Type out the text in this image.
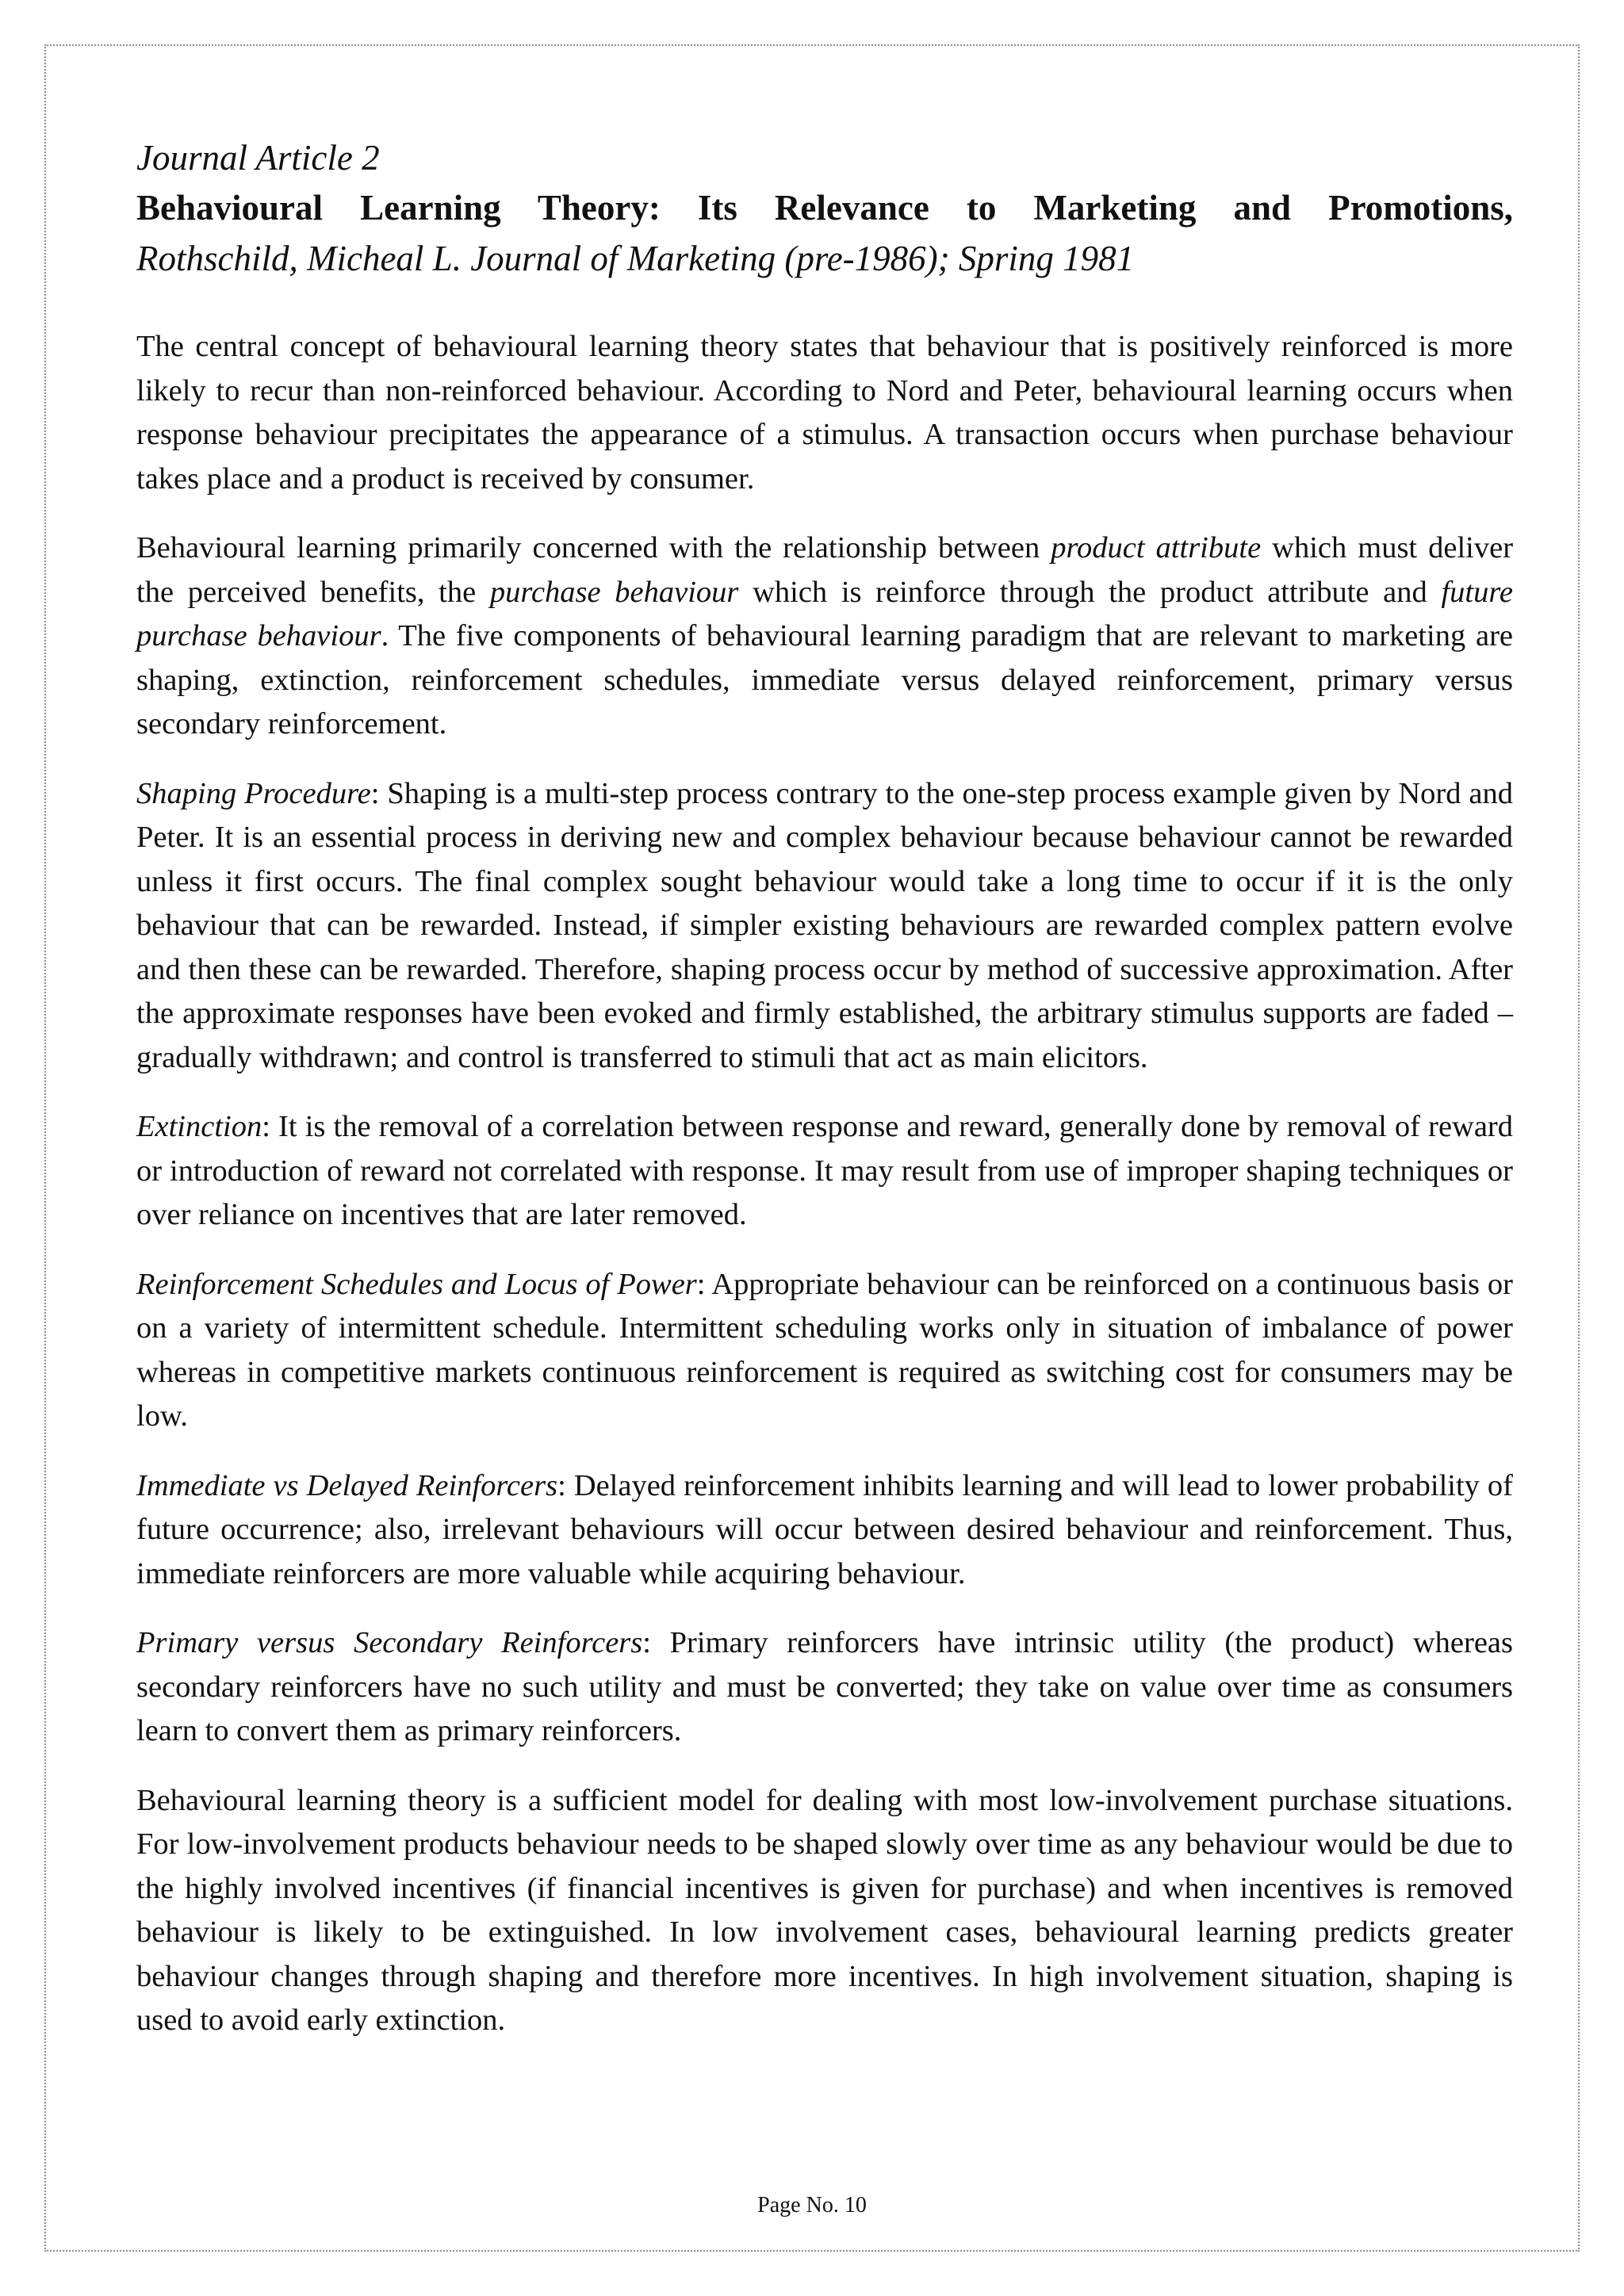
Journal Article 2

Behavioural Learning Theory: Its Relevance to Marketing and Promotions,

Rothschild, Micheal L. Journal of Marketing (pre-1986); Spring 1981

The central concept of behavioural learning theory states that behaviour that is positively reinforced is more likely to recur than non-reinforced behaviour. According to Nord and Peter, behavioural learning occurs when response behaviour precipitates the appearance of a stimulus. A transaction occurs when purchase behaviour takes place and a product is received by consumer.

Behavioural learning primarily concerned with the relationship between product attribute which must deliver the perceived benefits, the purchase behaviour which is reinforce through the product attribute and future purchase behaviour. The five components of behavioural learning paradigm that are relevant to marketing are shaping, extinction, reinforcement schedules, immediate versus delayed reinforcement, primary versus secondary reinforcement.

Shaping Procedure: Shaping is a multi-step process contrary to the one-step process example given by Nord and Peter. It is an essential process in deriving new and complex behaviour because behaviour cannot be rewarded unless it first occurs. The final complex sought behaviour would take a long time to occur if it is the only behaviour that can be rewarded. Instead, if simpler existing behaviours are rewarded complex pattern evolve and then these can be rewarded. Therefore, shaping process occur by method of successive approximation. After the approximate responses have been evoked and firmly established, the arbitrary stimulus supports are faded – gradually withdrawn; and control is transferred to stimuli that act as main elicitors.

Extinction: It is the removal of a correlation between response and reward, generally done by removal of reward or introduction of reward not correlated with response. It may result from use of improper shaping techniques or over reliance on incentives that are later removed.

Reinforcement Schedules and Locus of Power: Appropriate behaviour can be reinforced on a continuous basis or on a variety of intermittent schedule. Intermittent scheduling works only in situation of imbalance of power whereas in competitive markets continuous reinforcement is required as switching cost for consumers may be low.

Immediate vs Delayed Reinforcers: Delayed reinforcement inhibits learning and will lead to lower probability of future occurrence; also, irrelevant behaviours will occur between desired behaviour and reinforcement. Thus, immediate reinforcers are more valuable while acquiring behaviour.

Primary versus Secondary Reinforcers: Primary reinforcers have intrinsic utility (the product) whereas secondary reinforcers have no such utility and must be converted; they take on value over time as consumers learn to convert them as primary reinforcers.

Behavioural learning theory is a sufficient model for dealing with most low-involvement purchase situations. For low-involvement products behaviour needs to be shaped slowly over time as any behaviour would be due to the highly involved incentives (if financial incentives is given for purchase) and when incentives is removed behaviour is likely to be extinguished. In low involvement cases, behavioural learning predicts greater behaviour changes through shaping and therefore more incentives. In high involvement situation, shaping is used to avoid early extinction.

Page No. 10
